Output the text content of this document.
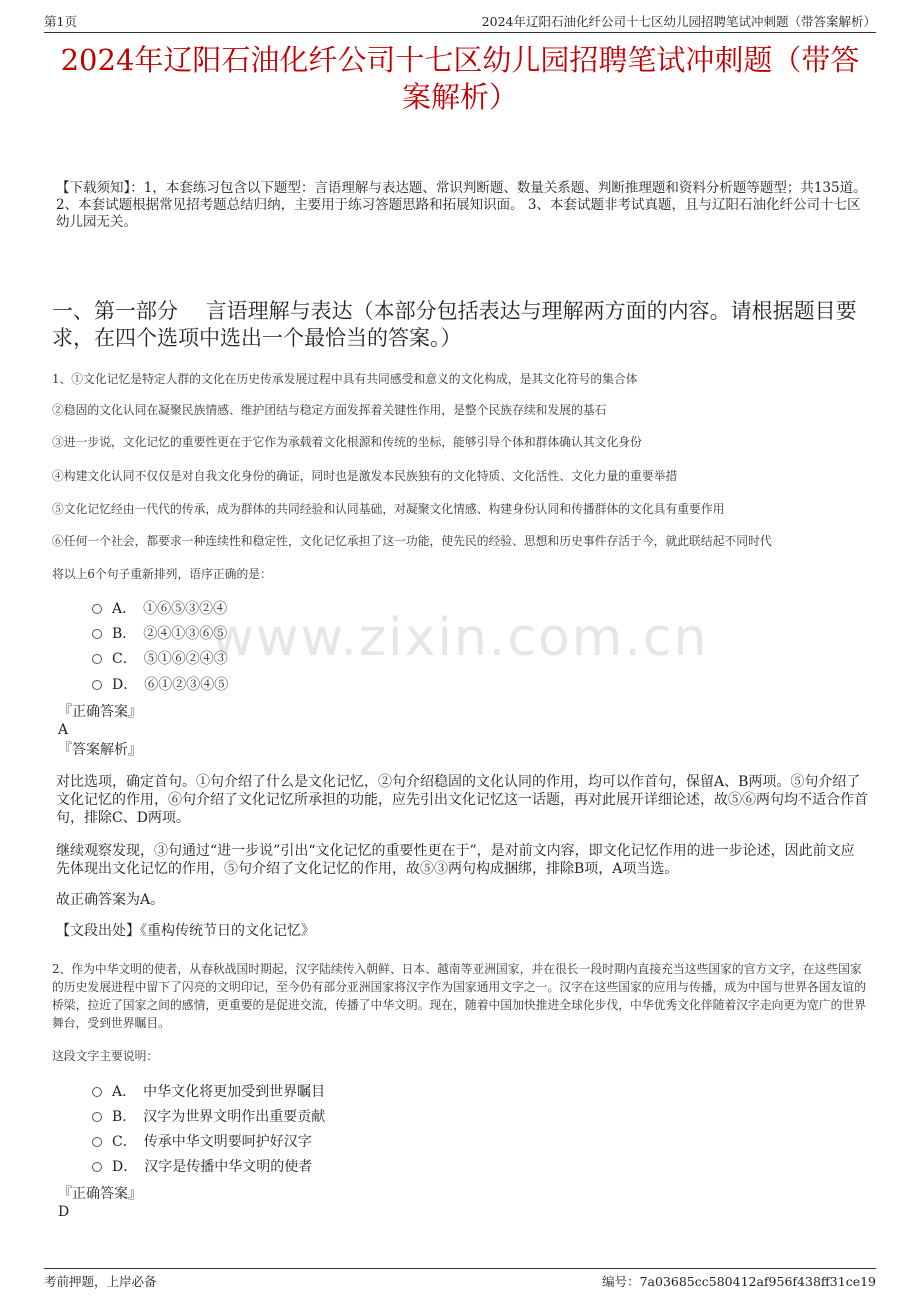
第1页	2024年辽阳石油化纤公司十七区幼儿园招聘笔试冲刺题（带答案解析）
2024年辽阳石油化纤公司十七区幼儿园招聘笔试冲刺题（带答
案解析）
【下载须知】：1，本套练习包含以下题型：言语理解与表达题、常识判断题、数量关系题、判断推理题和资料分析题等题型；共135道。 2、本套试题根据常见招考题总结归纳，主要用于练习答题思路和拓展知识面。 3、本套试题非考试真题，且与辽阳石油化纤公司十七区幼儿园无关。
一、第一部分　 言语理解与表达（本部分包括表达与理解两方面的内容。请根据题目要求，在四个选项中选出一个最恰当的答案。）
1、①文化记忆是特定人群的文化在历史传承发展过程中具有共同感受和意义的文化构成，是其文化符号的集合体
②稳固的文化认同在凝聚民族情感、维护团结与稳定方面发挥着关键性作用，是整个民族存续和发展的基石
③进一步说，文化记忆的重要性更在于它作为承载着文化根源和传统的坐标，能够引导个体和群体确认其文化身份
④构建文化认同不仅仅是对自我文化身份的确证，同时也是激发本民族独有的文化特质、文化活性、文化力量的重要举措
⑤文化记忆经由一代代的传承，成为群体的共同经验和认同基础，对凝聚文化情感、构建身份认同和传播群体的文化具有重要作用
⑥任何一个社会，都要求一种连续性和稳定性，文化记忆承担了这一功能，使先民的经验、思想和历史事件存活于今，就此联结起不同时代
将以上6个句子重新排列，语序正确的是：
www.zixin.com.cn
A．　①⑥⑤③②④
B．　②④①③⑥⑤
C．　⑤①⑥②④③
D．　⑥①②③④⑤
『正确答案』
A
『答案解析』
对比选项，确定首句。①句介绍了什么是文化记忆，②句介绍稳固的文化认同的作用，均可以作首句，保留A、B两项。⑤句介绍了文化记忆的作用，⑥句介绍了文化记忆所承担的功能，应先引出文化记忆这一话题，再对此展开详细论述，故⑤⑥两句均不适合作首句，排除C、D两项。
继续观察发现，③句通过“进一步说”引出“文化记忆的重要性更在于”，是对前文内容，即文化记忆作用的进一步论述，因此前文应先体现出文化记忆的作用，⑤句介绍了文化记忆的作用，故⑤③两句构成捆绑，排除B项，A项当选。
故正确答案为A。
【文段出处】《重构传统节日的文化记忆》
2、作为中华文明的使者，从春秋战国时期起，汉字陆续传入朝鲜、日本、越南等亚洲国家，并在很长一段时期内直接充当这些国家的官方文字，在这些国家的历史发展进程中留下了闪亮的文明印记，至今仍有部分亚洲国家将汉字作为国家通用文字之一。汉字在这些国家的应用与传播，成为中国与世界各国友谊的桥梁，拉近了国家之间的感情，更重要的是促进交流，传播了中华文明。现在，随着中国加快推进全球化步伐，中华优秀文化伴随着汉字走向更为宽广的世界舞台，受到世界瞩目。
这段文字主要说明：
A．　中华文化将更加受到世界瞩目
B．　汉字为世界文明作出重要贡献
C．　传承中华文明要呵护好汉字
D．　汉字是传播中华文明的使者
『正确答案』
D
考前押题，上岸必备	编号：7a03685cc580412af956f438ff31ce19
